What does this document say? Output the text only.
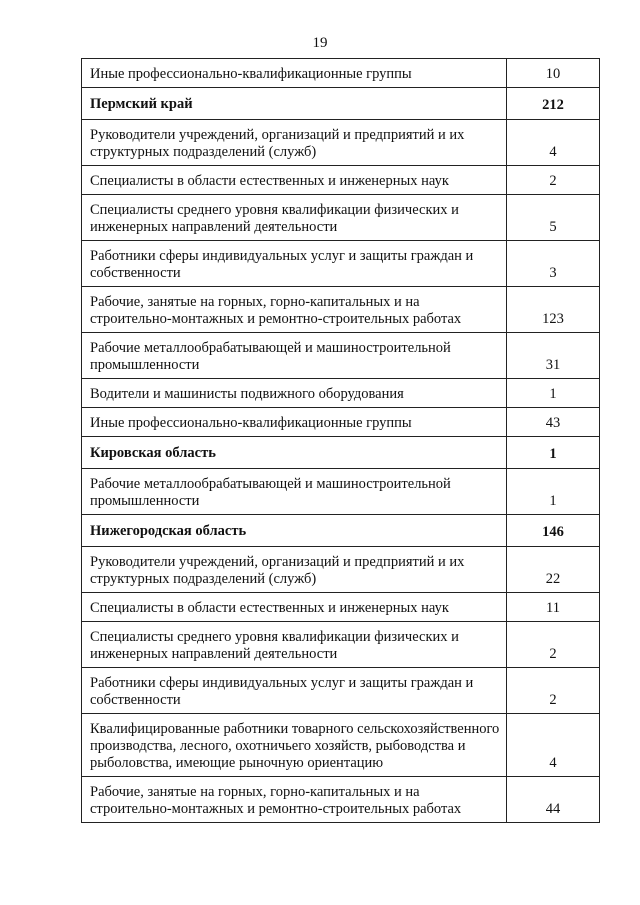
19
Иные профессионально-квалификационные группы	10
Пермский край	212
Руководители учреждений, организаций и предприятий и их структурных подразделений (служб)	4
Специалисты в области естественных и инженерных наук	2
Специалисты среднего уровня квалификации физических и инженерных направлений деятельности	5
Работники сферы индивидуальных услуг и защиты граждан и собственности	3
Рабочие, занятые на горных, горно-капитальных и на строительно-монтажных и ремонтно-строительных работах	123
Рабочие металлообрабатывающей и машиностроительной промышленности	31
Водители и машинисты подвижного оборудования	1
Иные профессионально-квалификационные группы	43
Кировская область	1
Рабочие металлообрабатывающей и машиностроительной промышленности	1
Нижегородская область	146
Руководители учреждений, организаций и предприятий и их структурных подразделений (служб)	22
Специалисты в области естественных и инженерных наук	11
Специалисты среднего уровня квалификации физических и инженерных направлений деятельности	2
Работники сферы индивидуальных услуг и защиты граждан и собственности	2
Квалифицированные работники товарного сельскохозяйственного производства, лесного, охотничьего хозяйств, рыбоводства и рыболовства, имеющие рыночную ориентацию	4
Рабочие, занятые на горных, горно-капитальных и на строительно-монтажных и ремонтно-строительных работах	44
